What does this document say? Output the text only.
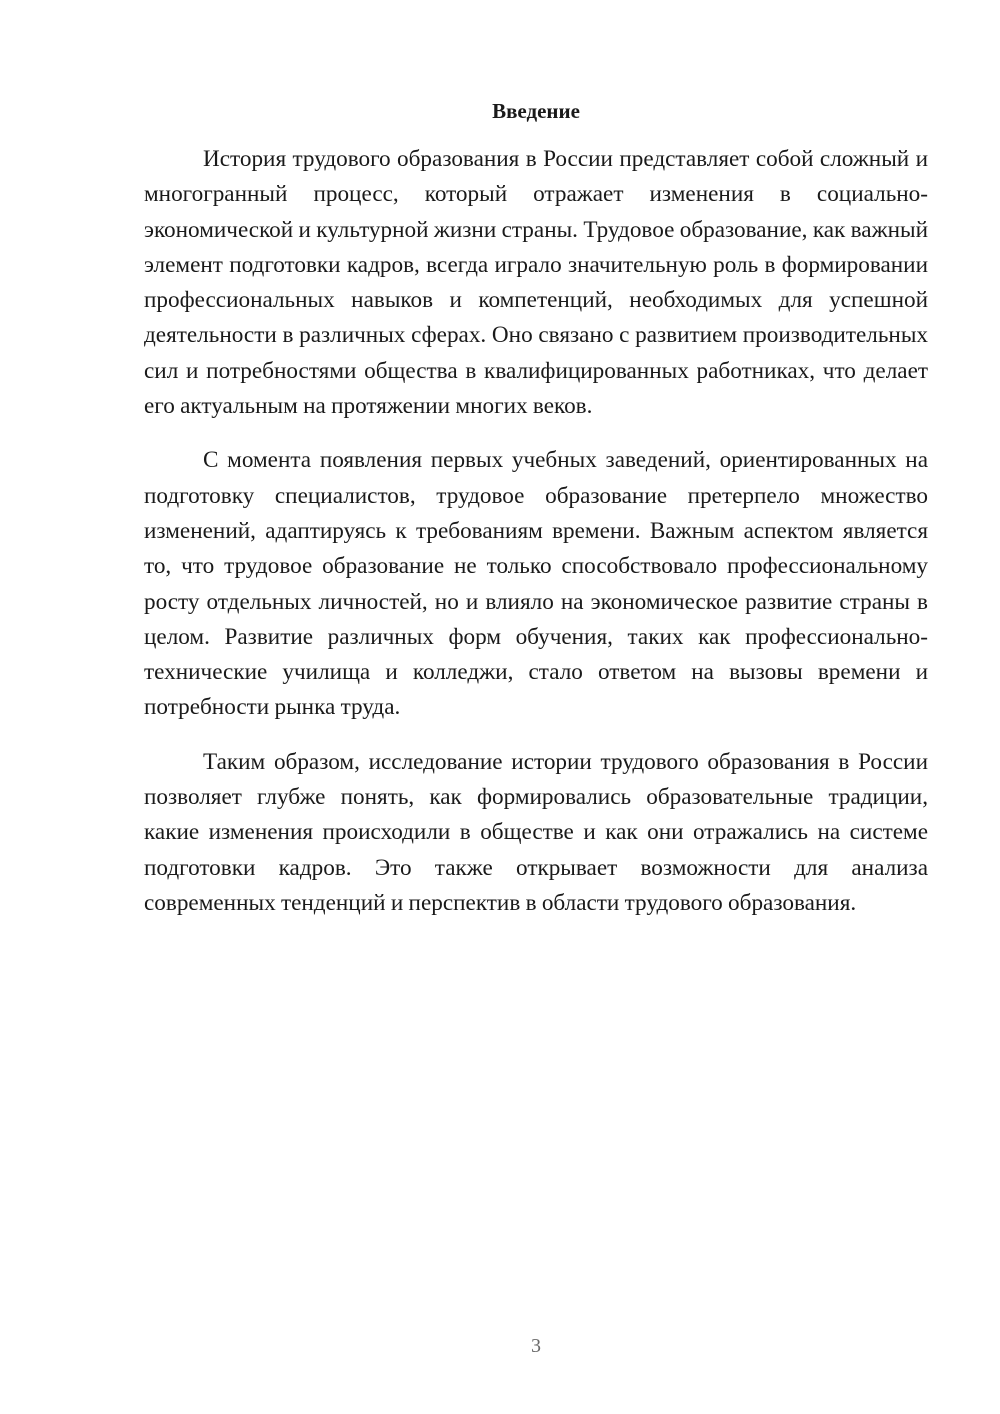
Введение

История трудового образования в России представляет собой сложный и многогранный процесс, который отражает изменения в социально-экономической и культурной жизни страны. Трудовое образование, как важный элемент подготовки кадров, всегда играло значительную роль в формировании профессиональных навыков и компетенций, необходимых для успешной деятельности в различных сферах. Оно связано с развитием производительных сил и потребностями общества в квалифицированных работниках, что делает его актуальным на протяжении многих веков.

С момента появления первых учебных заведений, ориентированных на подготовку специалистов, трудовое образование претерпело множество изменений, адаптируясь к требованиям времени. Важным аспектом является то, что трудовое образование не только способствовало профессиональному росту отдельных личностей, но и влияло на экономическое развитие страны в целом. Развитие различных форм обучения, таких как профессионально-технические училища и колледжи, стало ответом на вызовы времени и потребности рынка труда.

Таким образом, исследование истории трудового образования в России позволяет глубже понять, как формировались образовательные традиции, какие изменения происходили в обществе и как они отражались на системе подготовки кадров. Это также открывает возможности для анализа современных тенденций и перспектив в области трудового образования.

3
